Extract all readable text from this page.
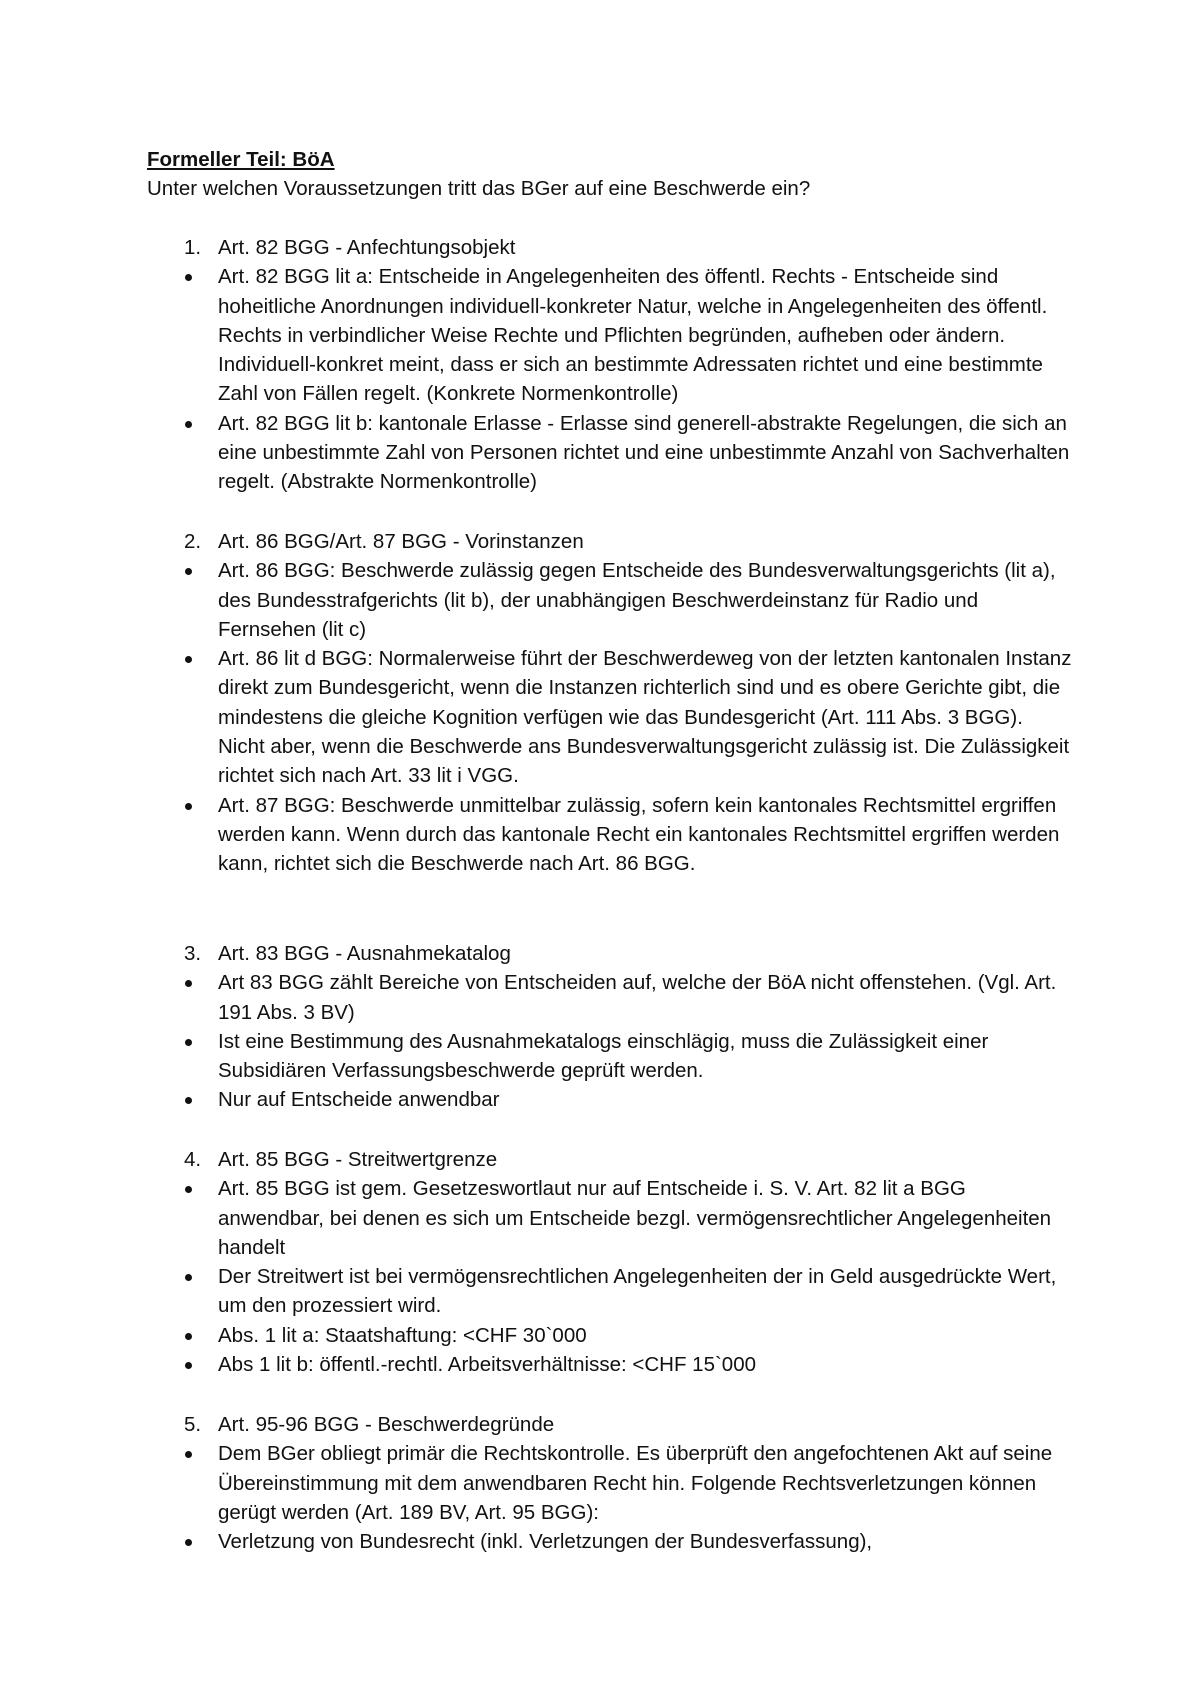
Formeller Teil: BöA

Unter welchen Voraussetzungen tritt das BGer auf eine Beschwerde ein?

1. Art. 82 BGG - Anfechtungsobjekt
Art. 82 BGG lit a: Entscheide in Angelegenheiten des öffentl. Rechts - Entscheide sind hoheitliche Anordnungen individuell-konkreter Natur, welche in Angelegenheiten des öffentl. Rechts in verbindlicher Weise Rechte und Pflichten begründen, aufheben oder ändern. Individuell-konkret meint, dass er sich an bestimmte Adressaten richtet und eine bestimmte Zahl von Fällen regelt. (Konkrete Normenkontrolle)
Art. 82 BGG lit b: kantonale Erlasse - Erlasse sind generell-abstrakte Regelungen, die sich an eine unbestimmte Zahl von Personen richtet und eine unbestimmte Anzahl von Sachverhalten regelt. (Abstrakte Normenkontrolle)
2. Art. 86 BGG/Art. 87 BGG - Vorinstanzen
Art. 86 BGG: Beschwerde zulässig gegen Entscheide des Bundesverwaltungsgerichts (lit a), des Bundesstrafgerichts (lit b), der unabhängigen Beschwerdeinstanz für Radio und Fernsehen (lit c)
Art. 86 lit d BGG: Normalerweise führt der Beschwerdeweg von der letzten kantonalen Instanz direkt zum Bundesgericht, wenn die Instanzen richterlich sind und es obere Gerichte gibt, die mindestens die gleiche Kognition verfügen wie das Bundesgericht (Art. 111 Abs. 3 BGG). Nicht aber, wenn die Beschwerde ans Bundesverwaltungsgericht zulässig ist. Die Zulässigkeit richtet sich nach Art. 33 lit i VGG.
Art. 87 BGG: Beschwerde unmittelbar zulässig, sofern kein kantonales Rechtsmittel ergriffen werden kann. Wenn durch das kantonale Recht ein kantonales Rechtsmittel ergriffen werden kann, richtet sich die Beschwerde nach Art. 86 BGG.
3. Art. 83 BGG - Ausnahmekatalog
Art 83 BGG zählt Bereiche von Entscheiden auf, welche der BöA nicht offenstehen. (Vgl. Art. 191 Abs. 3 BV)
Ist eine Bestimmung des Ausnahmekatalogs einschlägig, muss die Zulässigkeit einer Subsidiären Verfassungsbeschwerde geprüft werden.
Nur auf Entscheide anwendbar
4. Art. 85 BGG - Streitwertgrenze
Art. 85 BGG ist gem. Gesetzeswortlaut nur auf Entscheide i. S. V. Art. 82 lit a BGG anwendbar, bei denen es sich um Entscheide bezgl. vermögensrechtlicher Angelegenheiten handelt
Der Streitwert ist bei vermögensrechtlichen Angelegenheiten der in Geld ausgedrückte Wert, um den prozessiert wird.
Abs. 1 lit a: Staatshaftung: <CHF 30`000
Abs 1 lit b: öffentl.-rechtl. Arbeitsverhältnisse: <CHF 15`000
5. Art. 95-96 BGG - Beschwerdegründe
Dem BGer obliegt primär die Rechtskontrolle. Es überprüft den angefochtenen Akt auf seine Übereinstimmung mit dem anwendbaren Recht hin. Folgende Rechtsverletzungen können gerügt werden (Art. 189 BV, Art. 95 BGG):
Verletzung von Bundesrecht (inkl. Verletzungen der Bundesverfassung),
